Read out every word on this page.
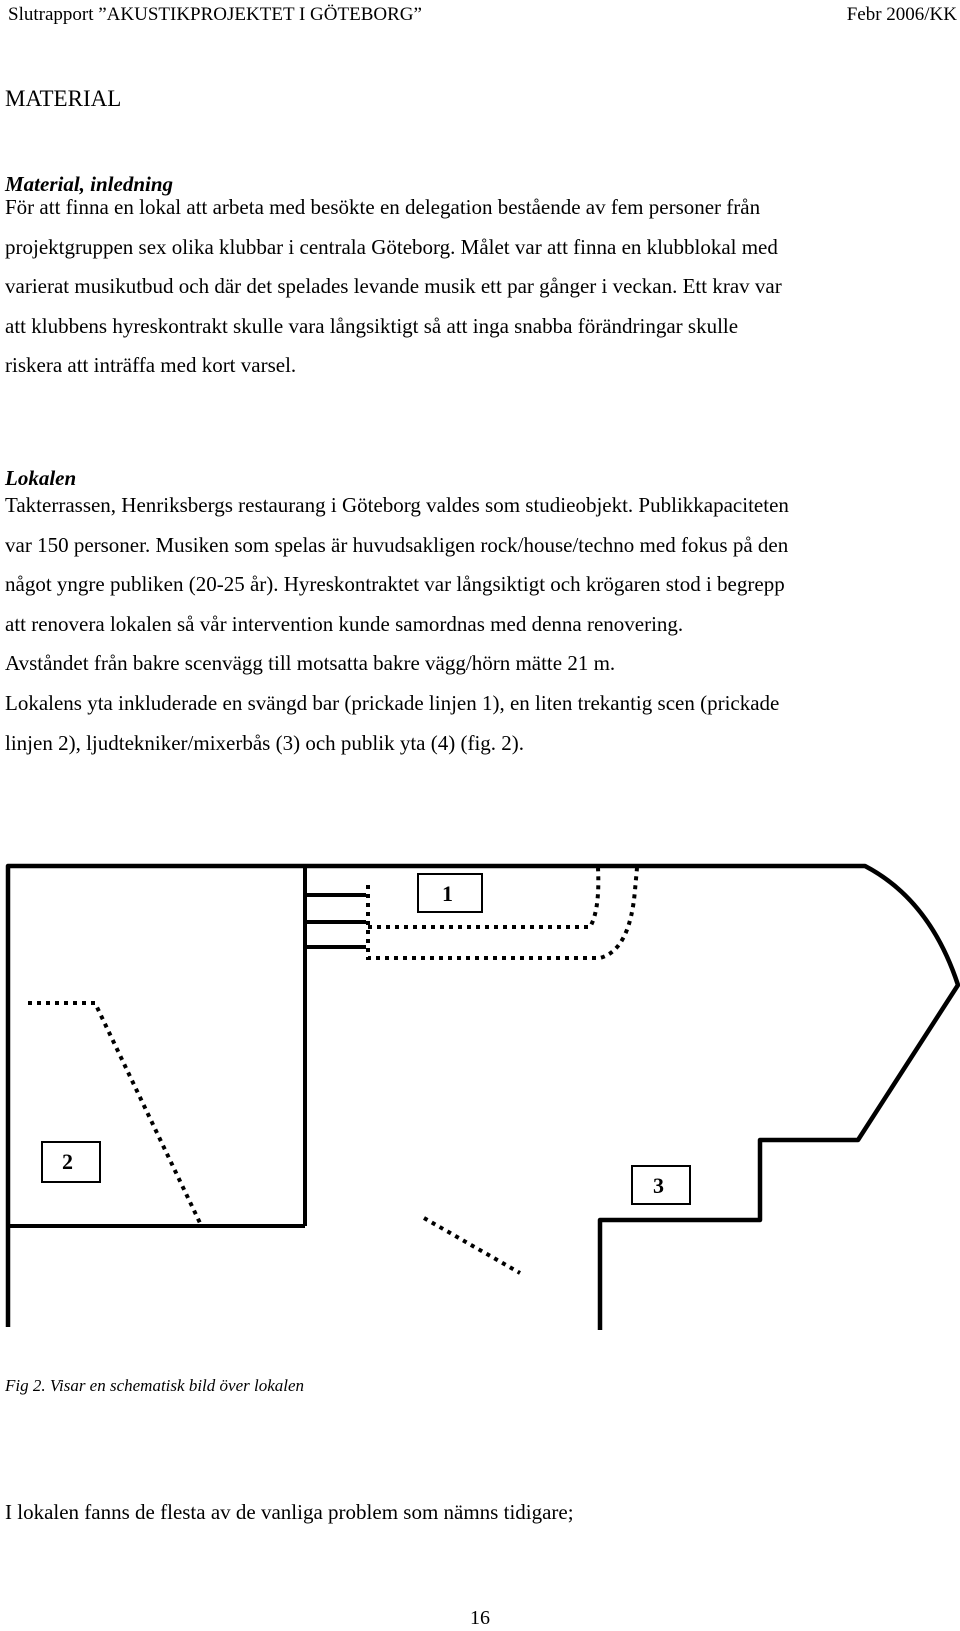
Slutrapport ”AKUSTIKPROJEKTET I GÖTEBORG”	Febr 2006/KK
MATERIAL
Material, inledning
För att finna en lokal att arbeta med besökte en delegation bestående av fem personer från
projektgruppen sex olika klubbar i centrala Göteborg. Målet var att finna en klubblokal med
varierat musikutbud och där det spelades levande musik ett par gånger i veckan. Ett krav var
att klubbens hyreskontrakt skulle vara långsiktigt så att inga snabba förändringar skulle
riskera att inträffa med kort varsel.
Lokalen
Takterrassen, Henriksbergs restaurang i Göteborg valdes som studieobjekt. Publikkapaciteten
var 150 personer. Musiken som spelas är huvudsakligen rock/house/techno med fokus på den
något yngre publiken (20-25 år). Hyreskontraktet var långsiktigt och krögaren stod i begrepp
att renovera lokalen så vår intervention kunde samordnas med denna renovering.
Avståndet från bakre scenvägg till motsatta bakre vägg/hörn mätte 21 m.
Lokalens yta inkluderade en svängd bar (prickade linjen 1), en liten trekantig scen (prickade
linjen 2), ljudtekniker/mixerbås (3) och publik yta (4) (fig. 2).
1
2
3
Fig 2. Visar en schematisk bild över lokalen
I lokalen fanns de flesta av de vanliga problem som nämns tidigare;
16
